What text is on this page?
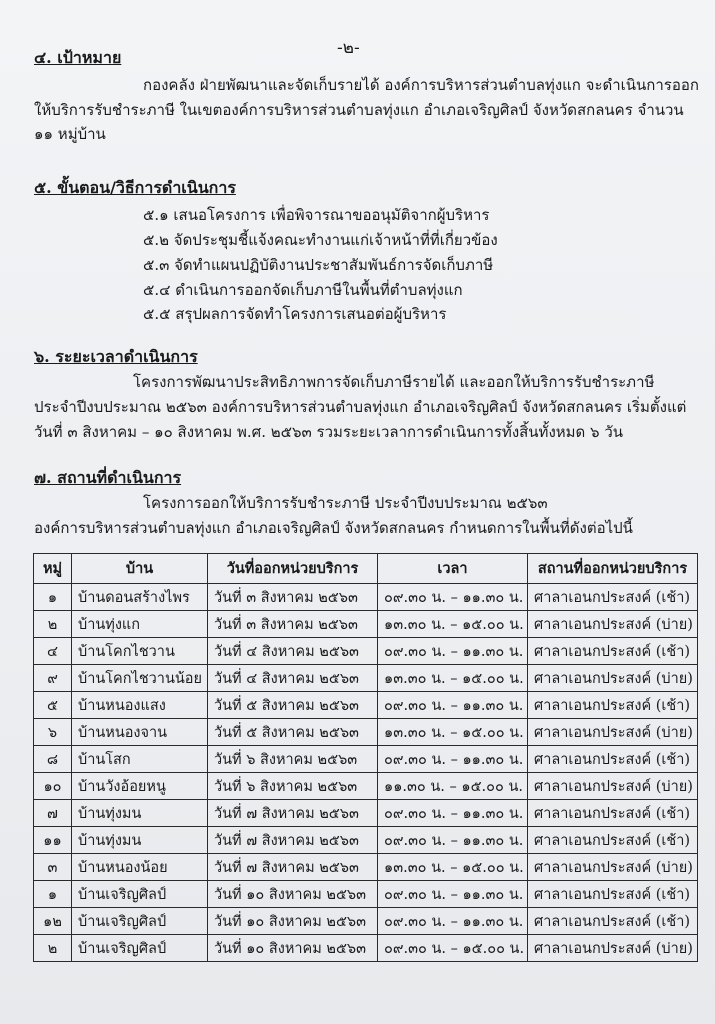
-๒-
๔. เป้าหมาย
กองคลัง ฝ่ายพัฒนาและจัดเก็บรายได้ องค์การบริหารส่วนตำบลทุ่งแก จะดำเนินการออก
ให้บริการรับชำระภาษี ในเขตองค์การบริหารส่วนตำบลทุ่งแก อำเภอเจริญศิลป์ จังหวัดสกลนคร จำนวน
๑๑ หมู่บ้าน
๕. ขั้นตอน/วิธีการดำเนินการ
๕.๑ เสนอโครงการ เพื่อพิจารณาขออนุมัติจากผู้บริหาร
๕.๒ จัดประชุมชี้แจ้งคณะทำงานแก่เจ้าหน้าที่ที่เกี่ยวข้อง
๕.๓ จัดทำแผนปฏิบัติงานประชาสัมพันธ์การจัดเก็บภาษี
๕.๔ ดำเนินการออกจัดเก็บภาษีในพื้นที่ตำบลทุ่งแก
๕.๕ สรุปผลการจัดทำโครงการเสนอต่อผู้บริหาร
๖. ระยะเวลาดำเนินการ
โครงการพัฒนาประสิทธิภาพการจัดเก็บภาษีรายได้ และออกให้บริการรับชำระภาษี
ประจำปีงบประมาณ ๒๕๖๓ องค์การบริหารส่วนตำบลทุ่งแก อำเภอเจริญศิลป์ จังหวัดสกลนคร เริ่มตั้งแต่
วันที่ ๓ สิงหาคม – ๑๐ สิงหาคม พ.ศ. ๒๕๖๓ รวมระยะเวลาการดำเนินการทั้งสิ้นทั้งหมด ๖ วัน
๗. สถานที่ดำเนินการ
โครงการออกให้บริการรับชำระภาษี ประจำปีงบประมาณ ๒๕๖๓
องค์การบริหารส่วนตำบลทุ่งแก อำเภอเจริญศิลป์ จังหวัดสกลนคร กำหนดการในพื้นที่ดังต่อไปนี้
หมู่	บ้าน	วันที่ออกหน่วยบริการ	เวลา	สถานที่ออกหน่วยบริการ
๑	บ้านดอนสร้างไพร	วันที่ ๓ สิงหาคม ๒๕๖๓	๐๙.๓๐ น. – ๑๑.๓๐ น.	ศาลาเอนกประสงค์ (เช้า)
๒	บ้านทุ่งแก	วันที่ ๓ สิงหาคม ๒๕๖๓	๑๓.๓๐ น. – ๑๕.๐๐ น.	ศาลาเอนกประสงค์ (บ่าย)
๔	บ้านโคกไชวาน	วันที่ ๔ สิงหาคม ๒๕๖๓	๐๙.๓๐ น. – ๑๑.๓๐ น.	ศาลาเอนกประสงค์ (เช้า)
๙	บ้านโคกไชวานน้อย	วันที่ ๔ สิงหาคม ๒๕๖๓	๑๓.๓๐ น. – ๑๕.๐๐ น.	ศาลาเอนกประสงค์ (บ่าย)
๕	บ้านหนองแสง	วันที่ ๕ สิงหาคม ๒๕๖๓	๐๙.๓๐ น. – ๑๑.๓๐ น.	ศาลาเอนกประสงค์ (เช้า)
๖	บ้านหนองจาน	วันที่ ๕ สิงหาคม ๒๕๖๓	๑๓.๓๐ น. – ๑๕.๐๐ น.	ศาลาเอนกประสงค์ (บ่าย)
๘	บ้านโสก	วันที่ ๖ สิงหาคม ๒๕๖๓	๐๙.๓๐ น. – ๑๑.๓๐ น.	ศาลาเอนกประสงค์ (เช้า)
๑๐	บ้านวังอ้อยหนู	วันที่ ๖ สิงหาคม ๒๕๖๓	๑๑.๓๐ น. – ๑๕.๐๐ น.	ศาลาเอนกประสงค์ (บ่าย)
๗	บ้านทุ่งมน	วันที่ ๗ สิงหาคม ๒๕๖๓	๐๙.๓๐ น. – ๑๑.๓๐ น.	ศาลาเอนกประสงค์ (เช้า)
๑๑	บ้านทุ่งมน	วันที่ ๗ สิงหาคม ๒๕๖๓	๐๙.๓๐ น. – ๑๑.๓๐ น.	ศาลาเอนกประสงค์ (เช้า)
๓	บ้านหนองน้อย	วันที่ ๗ สิงหาคม ๒๕๖๓	๑๓.๓๐ น. – ๑๕.๐๐ น.	ศาลาเอนกประสงค์ (บ่าย)
๑	บ้านเจริญศิลป์	วันที่ ๑๐ สิงหาคม ๒๕๖๓	๐๙.๓๐ น. – ๑๑.๓๐ น.	ศาลาเอนกประสงค์ (เช้า)
๑๒	บ้านเจริญศิลป์	วันที่ ๑๐ สิงหาคม ๒๕๖๓	๐๙.๓๐ น. – ๑๑.๓๐ น.	ศาลาเอนกประสงค์ (เช้า)
๒	บ้านเจริญศิลป์	วันที่ ๑๐ สิงหาคม ๒๕๖๓	๐๙.๓๐ น. – ๑๕.๐๐ น.	ศาลาเอนกประสงค์ (บ่าย)
